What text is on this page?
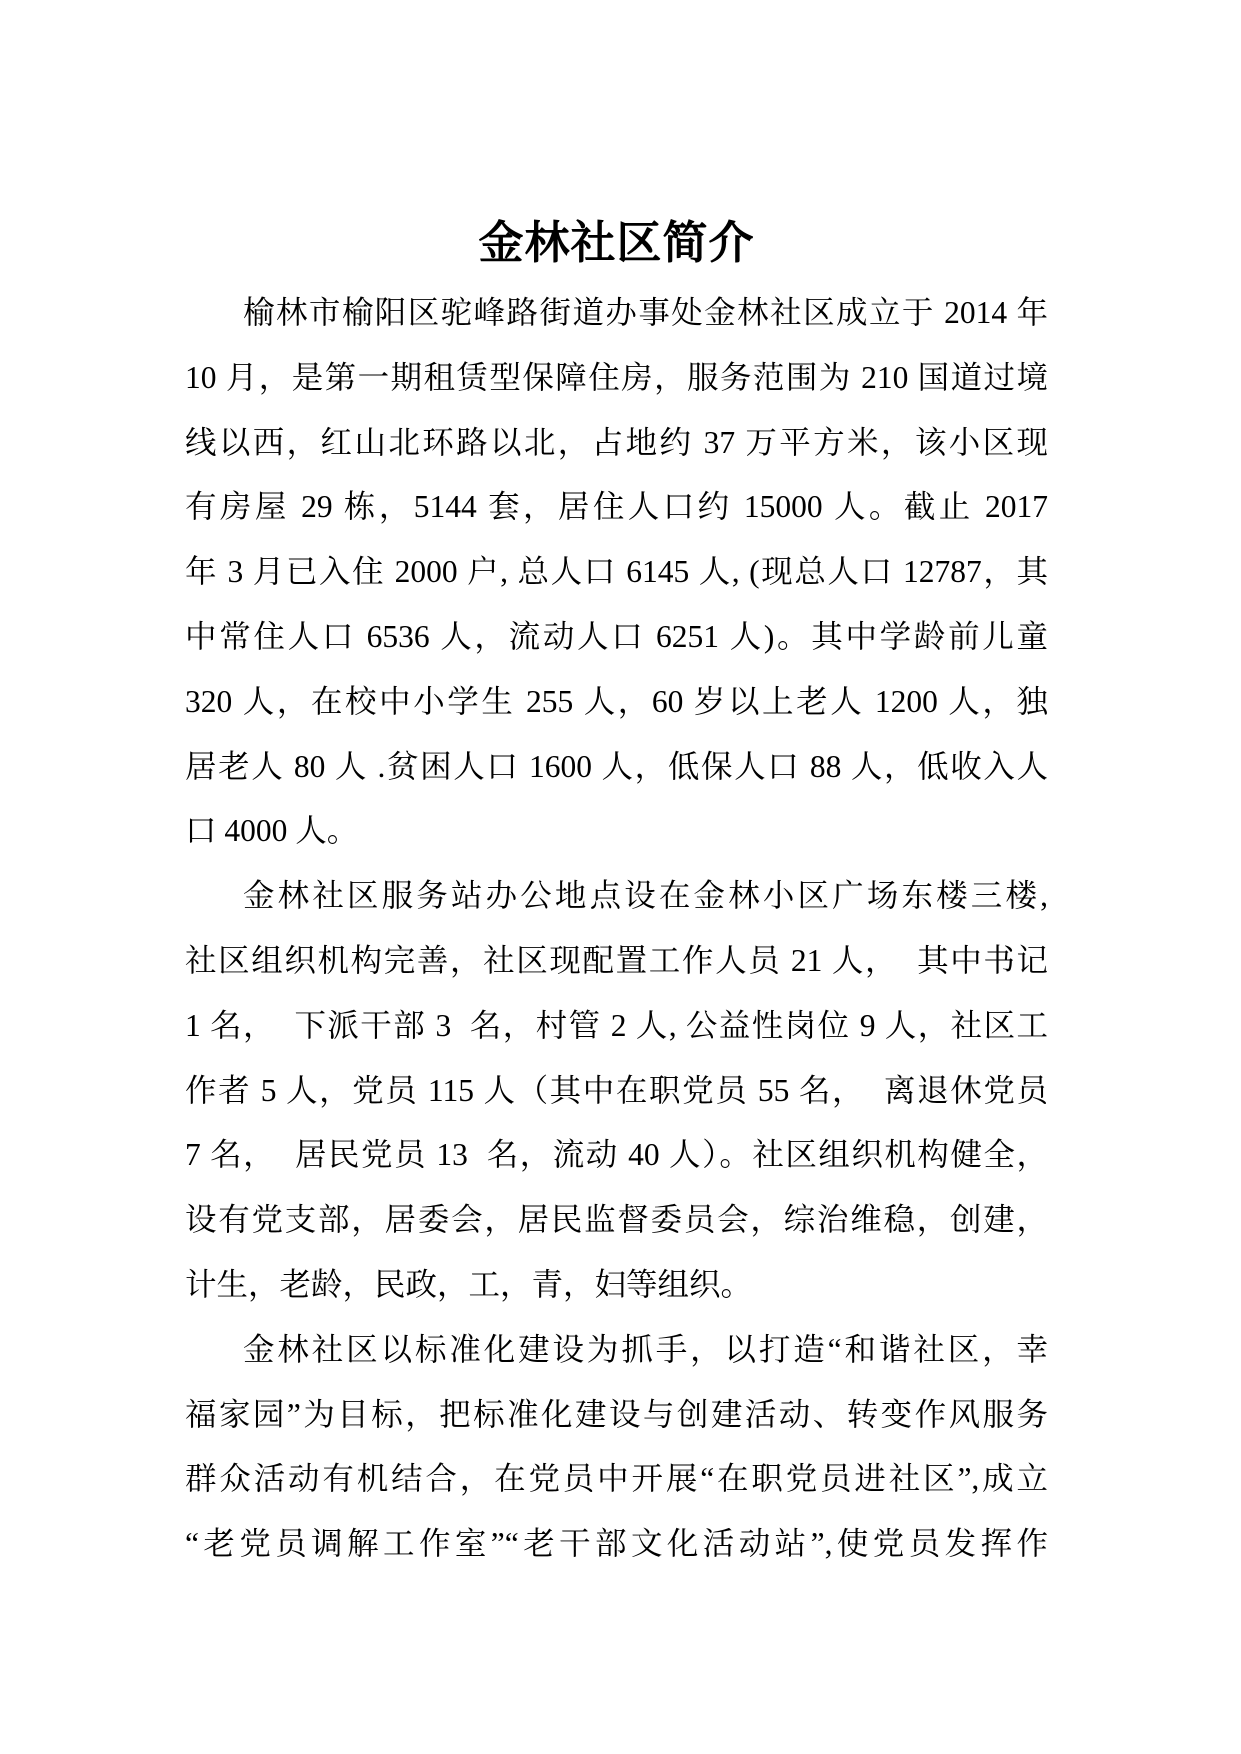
金林社区简介
榆林市榆阳区驼峰路街道办事处金林社区成立于 2014 年
10 月，是第一期租赁型保障住房，服务范围为 210 国道过境
线以西，红山北环路以北，占地约 37 万平方米，该小区现
有房屋 29 栋，5144 套，居住人口约 15000 人。截止 2017
年 3 月已入住 2000 户, 总人口 6145 人, (现总人口 12787，其
中常住人口 6536 人，流动人口 6251 人)。其中学龄前儿童
320 人，在校中小学生 255 人，60 岁以上老人 1200 人，独
居老人 80 人 .贫困人口 1600 人，低保人口 88 人，低收入人
口 4000 人。
金林社区服务站办公地点设在金林小区广场东楼三楼,
社区组织机构完善，社区现配置工作人员 21 人，  其中书记
1 名，  下派干部 3  名，村管 2 人, 公益性岗位 9 人，社区工
作者 5 人，党员 115 人（其中在职党员 55 名，  离退休党员
7 名，  居民党员 13  名，流动 40 人）。社区组织机构健全，
设有党支部，居委会，居民监督委员会，综治维稳，创建，
计生，老龄，民政，工，青，妇等组织。
金林社区以标准化建设为抓手，以打造“和谐社区，幸
福家园”为目标，把标准化建设与创建活动、转变作风服务
群众活动有机结合，在党员中开展“在职党员进社区”,成立
“老党员调解工作室”“老干部文化活动站”,使党员发挥作
